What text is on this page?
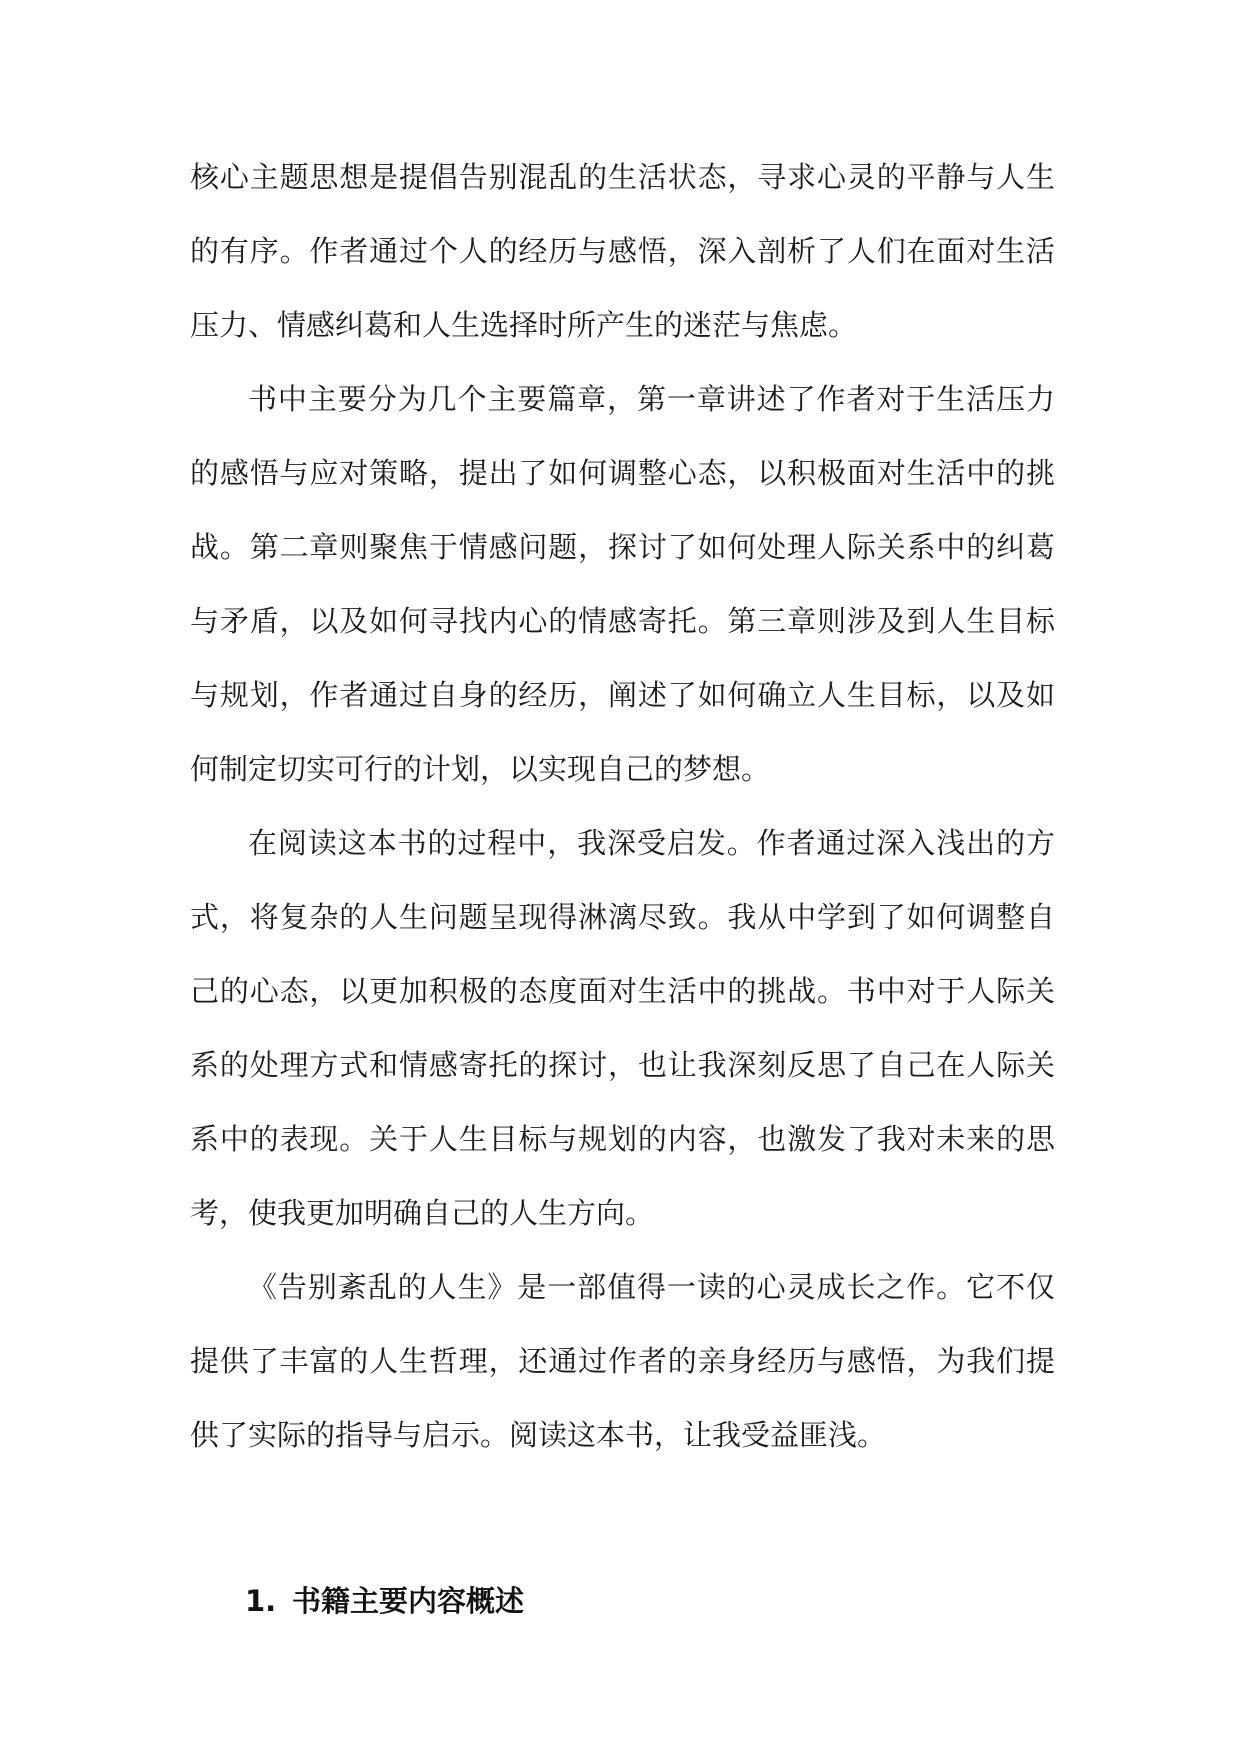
核心主题思想是提倡告别混乱的生活状态，寻求心灵的平静与人生的有序。作者通过个人的经历与感悟，深入剖析了人们在面对生活压力、情感纠葛和人生选择时所产生的迷茫与焦虑。

书中主要分为几个主要篇章，第一章讲述了作者对于生活压力的感悟与应对策略，提出了如何调整心态，以积极面对生活中的挑战。第二章则聚焦于情感问题，探讨了如何处理人际关系中的纠葛与矛盾，以及如何寻找内心的情感寄托。第三章则涉及到人生目标与规划，作者通过自身的经历，阐述了如何确立人生目标，以及如何制定切实可行的计划，以实现自己的梦想。

在阅读这本书的过程中，我深受启发。作者通过深入浅出的方式，将复杂的人生问题呈现得淋漓尽致。我从中学到了如何调整自己的心态，以更加积极的态度面对生活中的挑战。书中对于人际关系的处理方式和情感寄托的探讨，也让我深刻反思了自己在人际关系中的表现。关于人生目标与规划的内容，也激发了我对未来的思考，使我更加明确自己的人生方向。

《告别紊乱的人生》是一部值得一读的心灵成长之作。它不仅提供了丰富的人生哲理，还通过作者的亲身经历与感悟，为我们提供了实际的指导与启示。阅读这本书，让我受益匪浅。

1. 书籍主要内容概述
